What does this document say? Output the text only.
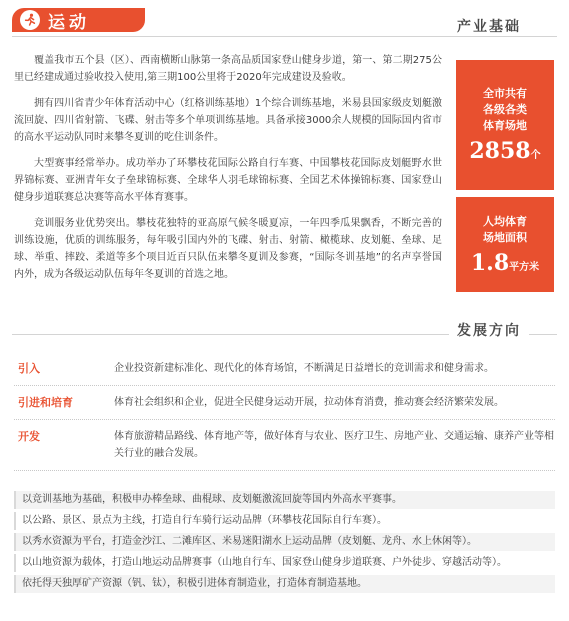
运动	产业基础

覆盖我市五个县（区）、西南横断山脉第一条高品质国家登山健身步道，第一、第二期275公里已经建成通过验收投入使用,第三期100公里将于2020年完成建设及验收。

拥有四川省青少年体育活动中心（红格训练基地）1个综合训练基地，米易县国家级皮划艇激流回旋、四川省射箭、飞碟、射击等多个单项训练基地。具备承接3000余人规模的国际国内省市的高水平运动队同时来攀冬夏训的吃住训条件。

大型赛事经常举办。成功举办了环攀枝花国际公路自行车赛、中国攀枝花国际皮划艇野水世界锦标赛、亚洲青年女子垒球锦标赛、全球华人羽毛球锦标赛、全国艺术体操锦标赛、国家登山健身步道联赛总决赛等高水平体育赛事。

竞训服务业优势突出。攀枝花独特的亚高原气候冬暖夏凉，一年四季瓜果飘香，不断完善的训练设施，优质的训练服务，每年吸引国内外的飞碟、射击、射箭、橄榄球、皮划艇、垒球、足球、举重、摔跤、柔道等多个项目近百只队伍来攀冬夏训及参赛，“国际冬训基地”的名声享誉国内外，成为各级运动队伍每年冬夏训的首选之地。

全市共有
各级各类
体育场地
2858个
人均体育
场地面积
1.8平方米
发展方向
引入	企业投资新建标准化、现代化的体育场馆，不断满足日益增长的竞训需求和健身需求。
引进和培育	体育社会组织和企业，促进全民健身运动开展，拉动体育消费，推动赛会经济繁荣发展。
开发	体育旅游精品路线、体育地产等，做好体育与农业、医疗卫生、房地产业、交通运输、康养产业等相关行业的融合发展。
以竞训基地为基础，积极申办棒垒球、曲棍球、皮划艇激流回旋等国内外高水平赛事。
以公路、景区、景点为主线，打造自行车骑行运动品牌（环攀枝花国际自行车赛）。
以秀水资源为平台，打造金沙江、二滩库区、米易迷阳湖水上运动品牌（皮划艇、龙舟、水上休闲等）。
以山地资源为载体，打造山地运动品牌赛事（山地自行车、国家登山健身步道联赛、户外徒步、穿越活动等）。
依托得天独厚矿产资源（钒、钛），积极引进体育制造业，打造体育制造基地。
